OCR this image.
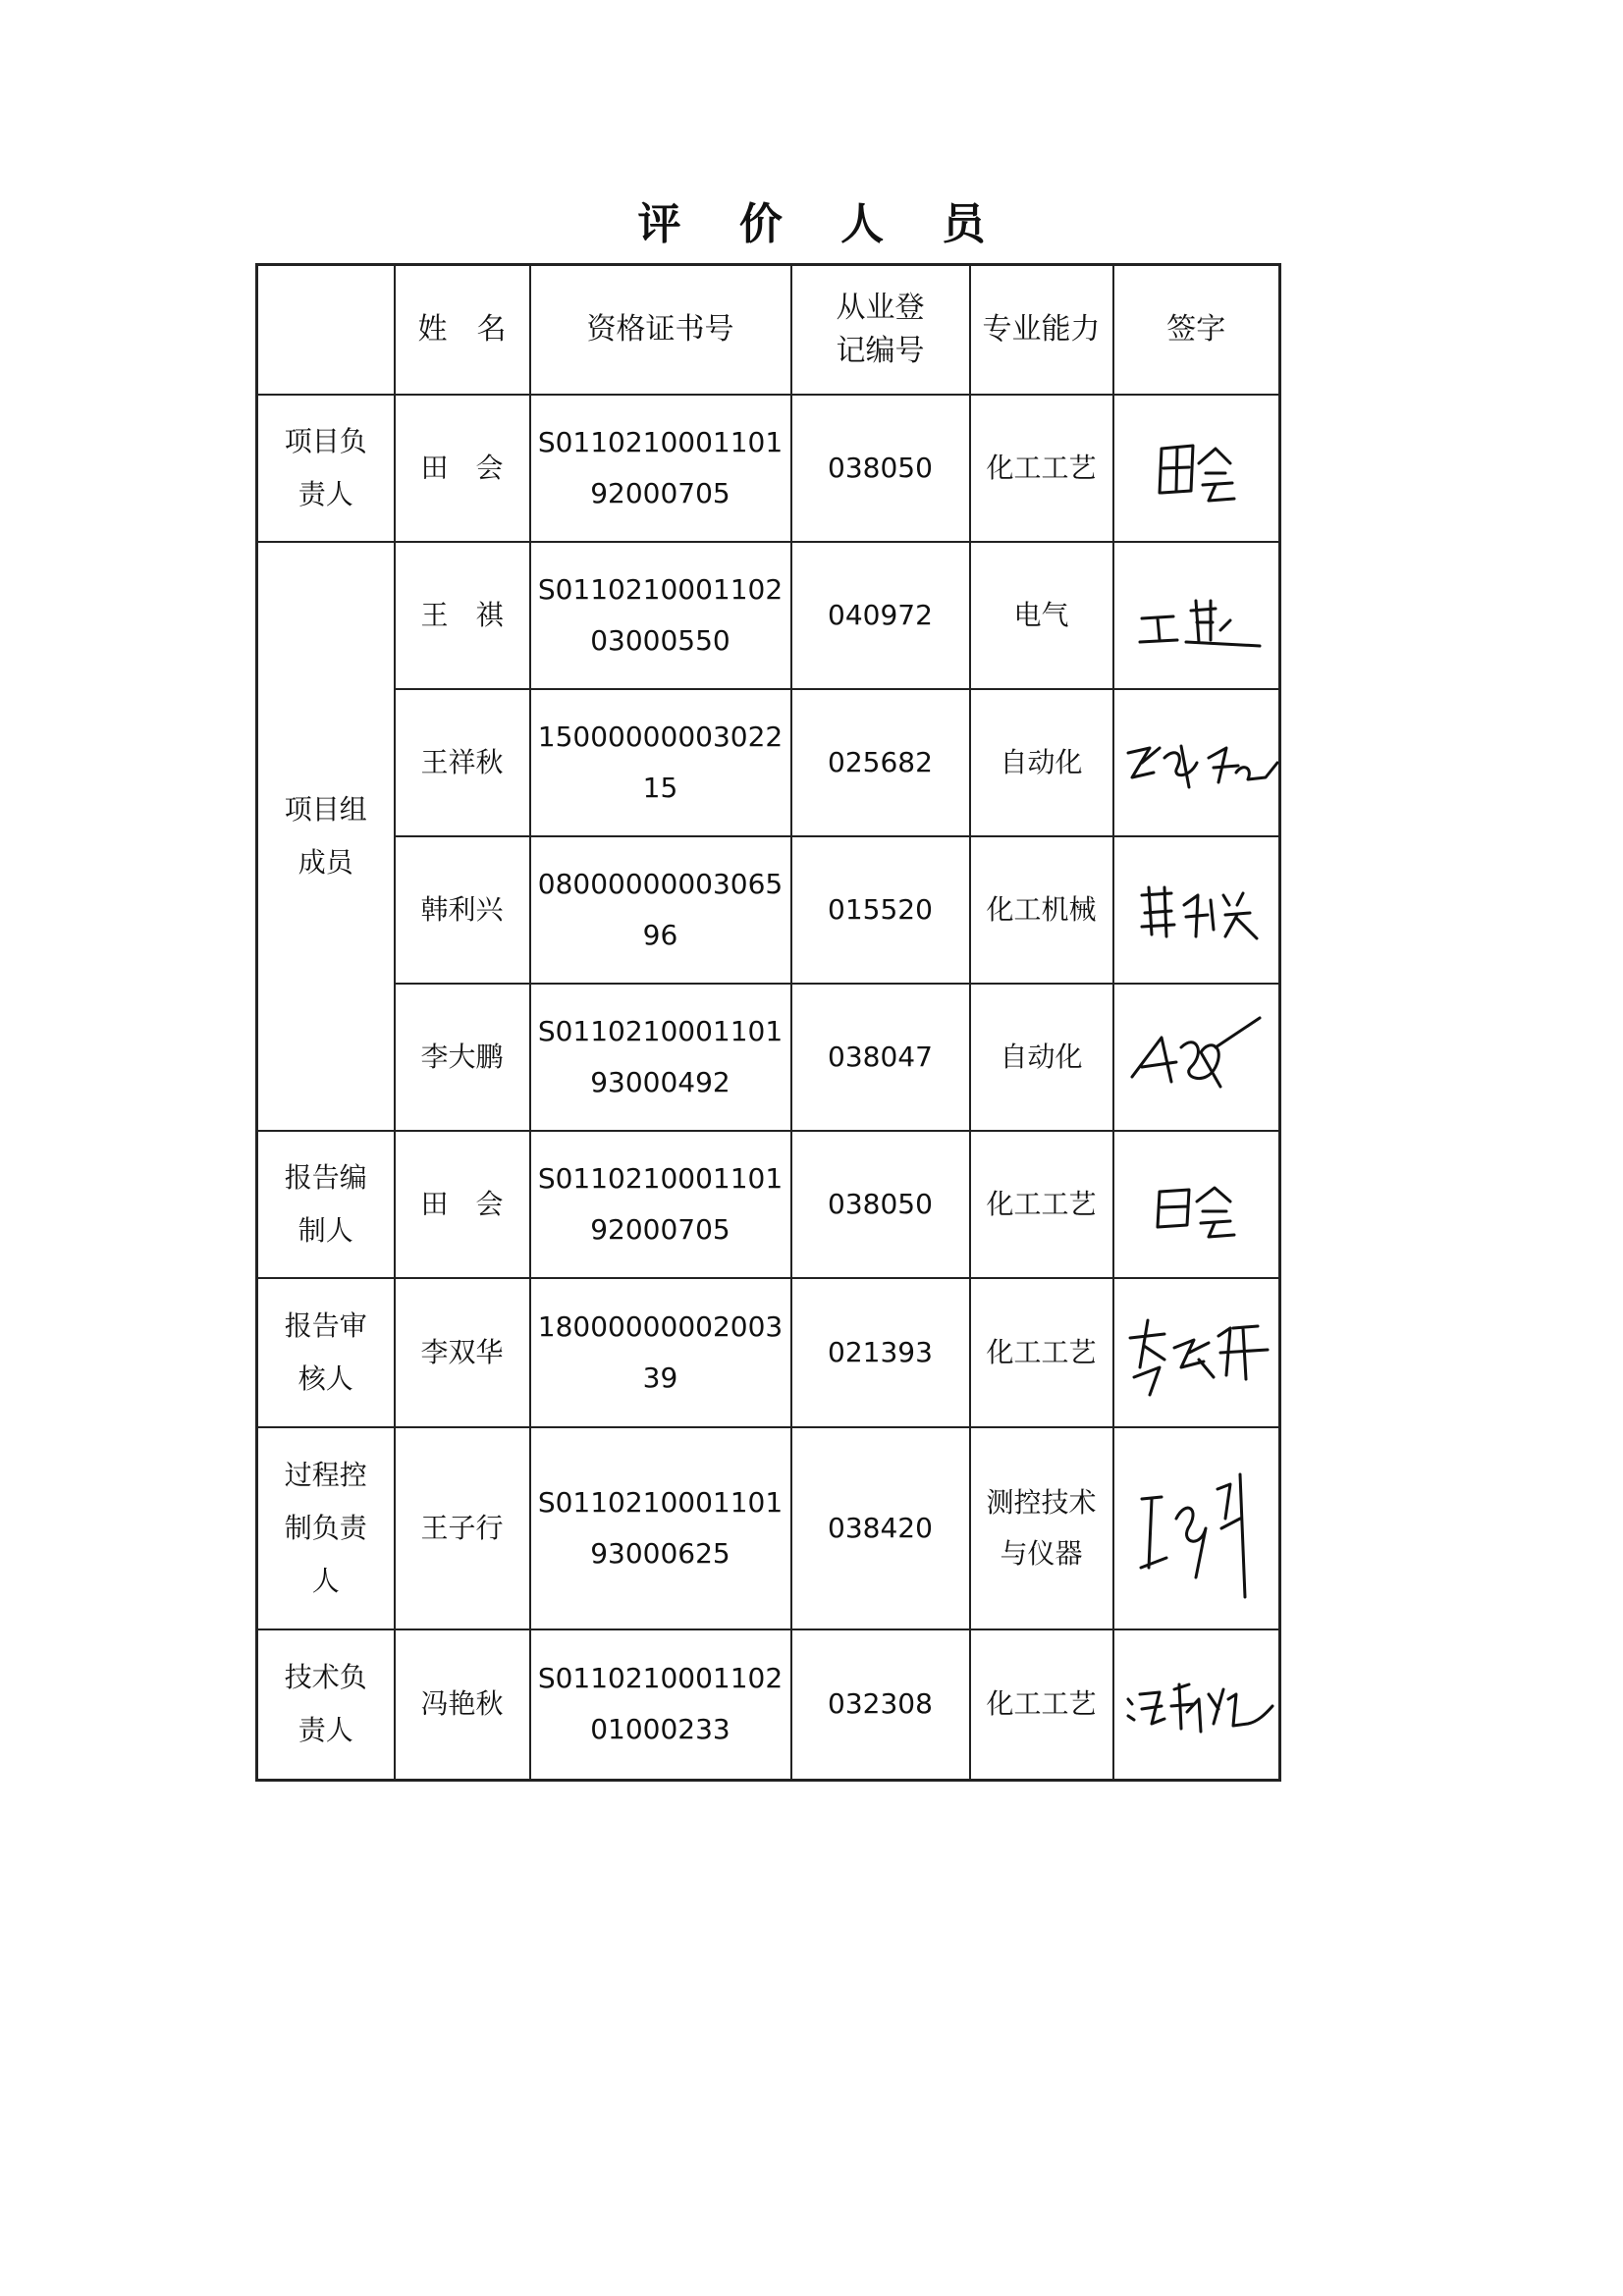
评 价 人 员
	姓　名	资格证书号	从业登记编号	专业能力	签字
项目负责人	田　会	S011021000110192000705	038050	化工工艺	

项目组成员	王　祺	S011021000110203000550	040972	电气	

	王祥秋	1500000000302215	025682	自动化	

	韩利兴	0800000000306596	015520	化工机械	

	李大鹏	S011021000110193000492	038047	自动化	

报告编制人	田　会	S011021000110192000705	038050	化工工艺	

报告审核人	李双华	1800000000200339	021393	化工工艺	

过程控制负责人	王子行	S011021000110193000625	038420	测控技术与仪器	

技术负责人	冯艳秋	S011021000110201000233	032308	化工工艺	
